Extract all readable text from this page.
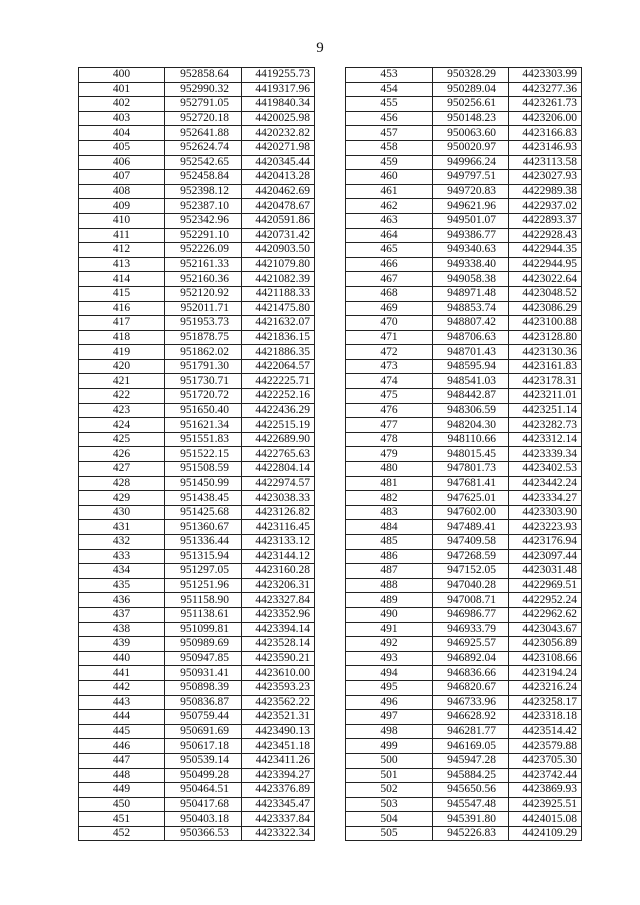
9
400	952858.64	4419255.73
401	952990.32	4419317.96
402	952791.05	4419840.34
403	952720.18	4420025.98
404	952641.88	4420232.82
405	952624.74	4420271.98
406	952542.65	4420345.44
407	952458.84	4420413.28
408	952398.12	4420462.69
409	952387.10	4420478.67
410	952342.96	4420591.86
411	952291.10	4420731.42
412	952226.09	4420903.50
413	952161.33	4421079.80
414	952160.36	4421082.39
415	952120.92	4421188.33
416	952011.71	4421475.80
417	951953.73	4421632.07
418	951878.75	4421836.15
419	951862.02	4421886.35
420	951791.30	4422064.57
421	951730.71	4422225.71
422	951720.72	4422252.16
423	951650.40	4422436.29
424	951621.34	4422515.19
425	951551.83	4422689.90
426	951522.15	4422765.63
427	951508.59	4422804.14
428	951450.99	4422974.57
429	951438.45	4423038.33
430	951425.68	4423126.82
431	951360.67	4423116.45
432	951336.44	4423133.12
433	951315.94	4423144.12
434	951297.05	4423160.28
435	951251.96	4423206.31
436	951158.90	4423327.84
437	951138.61	4423352.96
438	951099.81	4423394.14
439	950989.69	4423528.14
440	950947.85	4423590.21
441	950931.41	4423610.00
442	950898.39	4423593.23
443	950836.87	4423562.22
444	950759.44	4423521.31
445	950691.69	4423490.13
446	950617.18	4423451.18
447	950539.14	4423411.26
448	950499.28	4423394.27
449	950464.51	4423376.89
450	950417.68	4423345.47
451	950403.18	4423337.84
452	950366.53	4423322.34
453	950328.29	4423303.99
454	950289.04	4423277.36
455	950256.61	4423261.73
456	950148.23	4423206.00
457	950063.60	4423166.83
458	950020.97	4423146.93
459	949966.24	4423113.58
460	949797.51	4423027.93
461	949720.83	4422989.38
462	949621.96	4422937.02
463	949501.07	4422893.37
464	949386.77	4422928.43
465	949340.63	4422944.35
466	949338.40	4422944.95
467	949058.38	4423022.64
468	948971.48	4423048.52
469	948853.74	4423086.29
470	948807.42	4423100.88
471	948706.63	4423128.80
472	948701.43	4423130.36
473	948595.94	4423161.83
474	948541.03	4423178.31
475	948442.87	4423211.01
476	948306.59	4423251.14
477	948204.30	4423282.73
478	948110.66	4423312.14
479	948015.45	4423339.34
480	947801.73	4423402.53
481	947681.41	4423442.24
482	947625.01	4423334.27
483	947602.00	4423303.90
484	947489.41	4423223.93
485	947409.58	4423176.94
486	947268.59	4423097.44
487	947152.05	4423031.48
488	947040.28	4422969.51
489	947008.71	4422952.24
490	946986.77	4422962.62
491	946933.79	4423043.67
492	946925.57	4423056.89
493	946892.04	4423108.66
494	946836.66	4423194.24
495	946820.67	4423216.24
496	946733.96	4423258.17
497	946628.92	4423318.18
498	946281.77	4423514.42
499	946169.05	4423579.88
500	945947.28	4423705.30
501	945884.25	4423742.44
502	945650.56	4423869.93
503	945547.48	4423925.51
504	945391.80	4424015.08
505	945226.83	4424109.29
